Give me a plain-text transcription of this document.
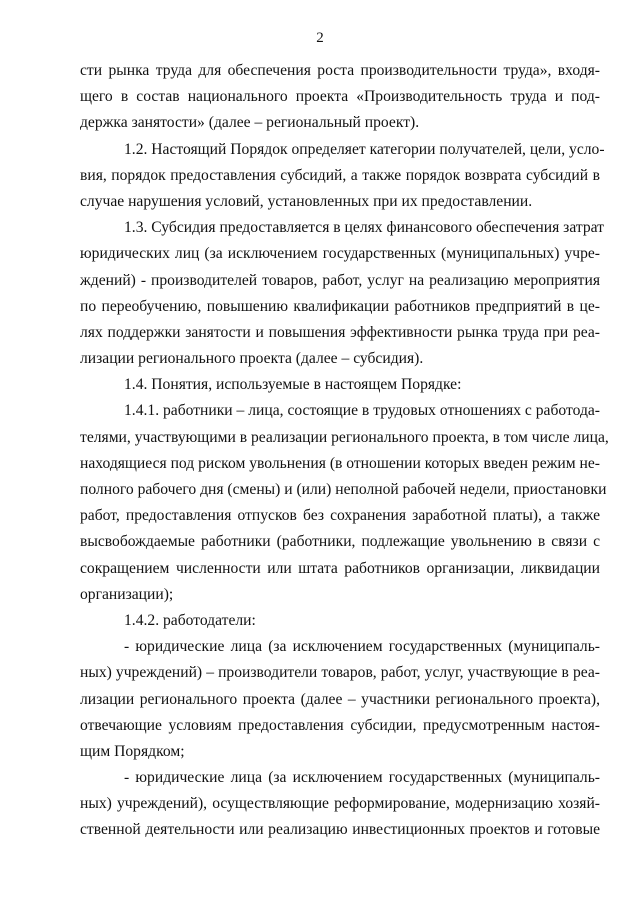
2
сти рынка труда для обеспечения роста производительности труда», входя-
щего в состав национального проекта «Производительность труда и под-
держка занятости» (далее – региональный проект).
1.2. Настоящий Порядок определяет категории получателей, цели, усло-
вия, порядок предоставления субсидий, а также порядок возврата субсидий в
случае нарушения условий, установленных при их предоставлении.
1.3. Субсидия предоставляется в целях финансового обеспечения затрат
юридических лиц (за исключением государственных (муниципальных) учре-
ждений) - производителей товаров, работ, услуг на реализацию мероприятия
по переобучению, повышению квалификации работников предприятий в це-
лях поддержки занятости и повышения эффективности рынка труда при реа-
лизации регионального проекта (далее – субсидия).
1.4. Понятия, используемые в настоящем Порядке:
1.4.1. работники – лица, состоящие в трудовых отношениях с работода-
телями, участвующими в реализации регионального проекта, в том числе лица,
находящиеся под риском увольнения (в отношении которых введен режим не-
полного рабочего дня (смены) и (или) неполной рабочей недели, приостановки
работ, предоставления отпусков без сохранения заработной платы), а также
высвобождаемые работники (работники, подлежащие увольнению в связи с
сокращением численности или штата работников организации, ликвидации
организации);
1.4.2. работодатели:
- юридические лица (за исключением государственных (муниципаль-
ных) учреждений) – производители товаров, работ, услуг, участвующие в реа-
лизации регионального проекта (далее – участники регионального проекта),
отвечающие условиям предоставления субсидии, предусмотренным настоя-
щим Порядком;
- юридические лица (за исключением государственных (муниципаль-
ных) учреждений), осуществляющие реформирование, модернизацию хозяй-
ственной деятельности или реализацию инвестиционных проектов и готовые
